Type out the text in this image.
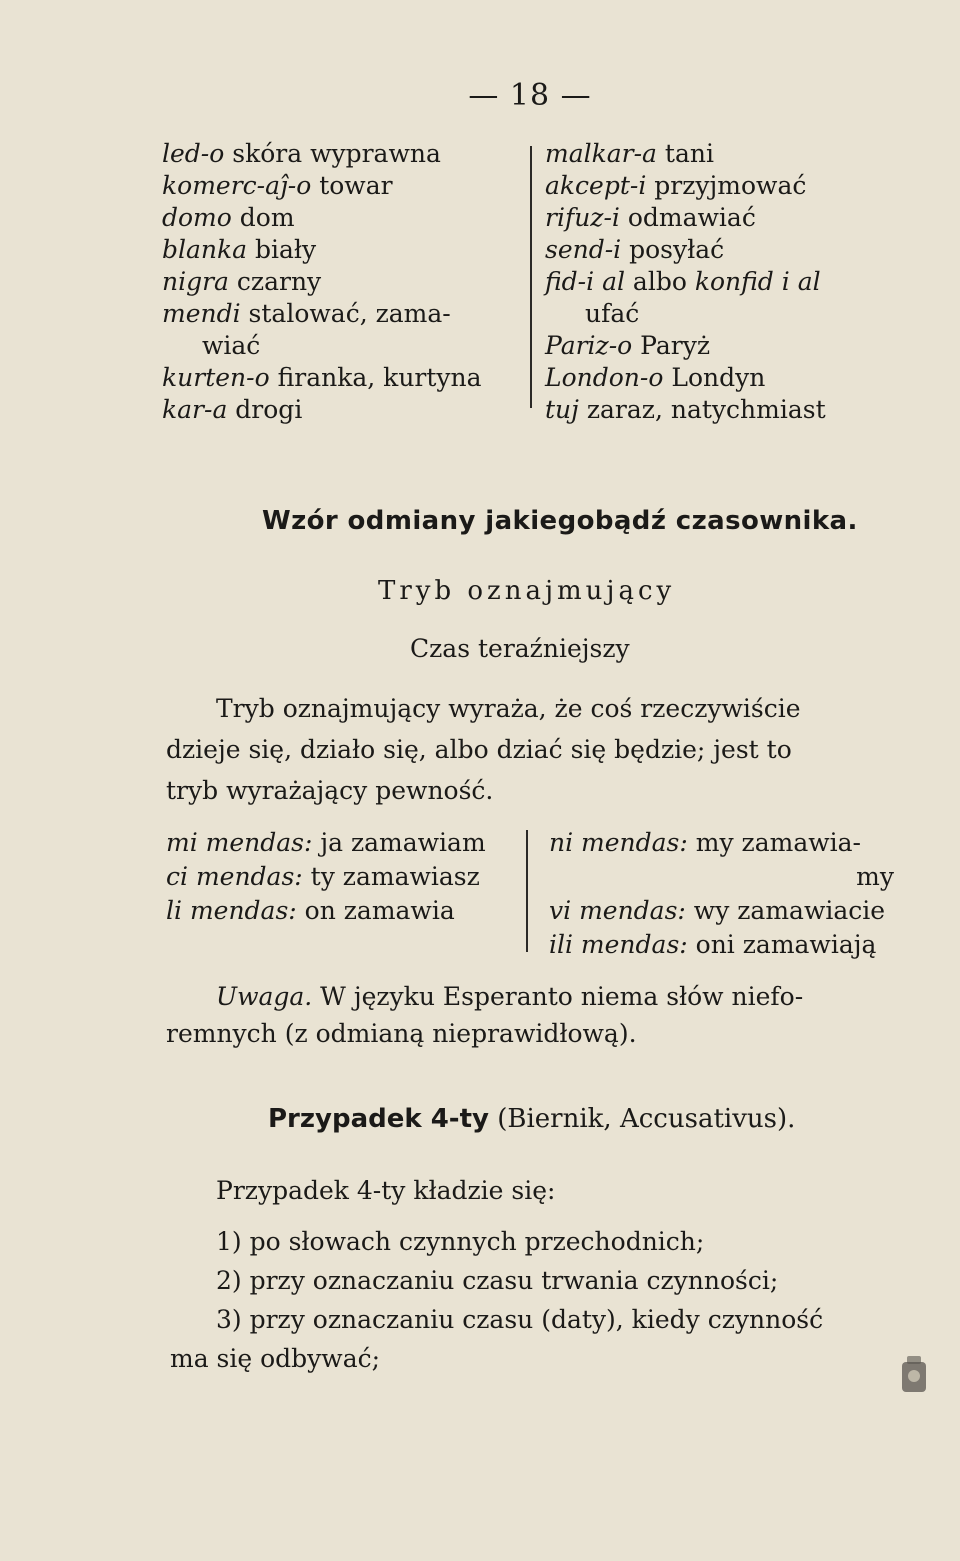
— 18 —
led-o skóra wyprawna
komerc-aĵ-o towar
domo dom
blanka biały
nigra czarny
mendi stalować, zama-
wiać
kurten-o firanka, kurtyna
kar-a drogi
malkar-a tani
akcept-i przyjmować
rifuz-i odmawiać
send-i posyłać
fid-i al albo konfid i al
ufać
Pariz-o Paryż
London-o Londyn
tuj zaraz, natychmiast
Wzór odmiany jakiegobądź czasownika.
Tryb oznajmujący
Czas teraźniejszy
Tryb oznajmujący wyraża, że coś rzeczywiście
dzieje się, działo się, albo dziać się będzie; jest to
tryb wyrażający pewność.
mi mendas: ja zamawiam
ci mendas: ty zamawiasz
li mendas: on zamawia
ni mendas: my zamawia-
my
vi mendas: wy zamawiacie
ili mendas: oni zamawiają
Uwaga. W języku Esperanto niema słów niefo-
remnych (z odmianą nieprawidłową).
Przypadek 4-ty (Biernik, Accusativus).
Przypadek 4-ty kładzie się:
1) po słowach czynnych przechodnich;
2) przy oznaczaniu czasu trwania czynności;
3) przy oznaczaniu czasu (daty), kiedy czynność
ma się odbywać;
